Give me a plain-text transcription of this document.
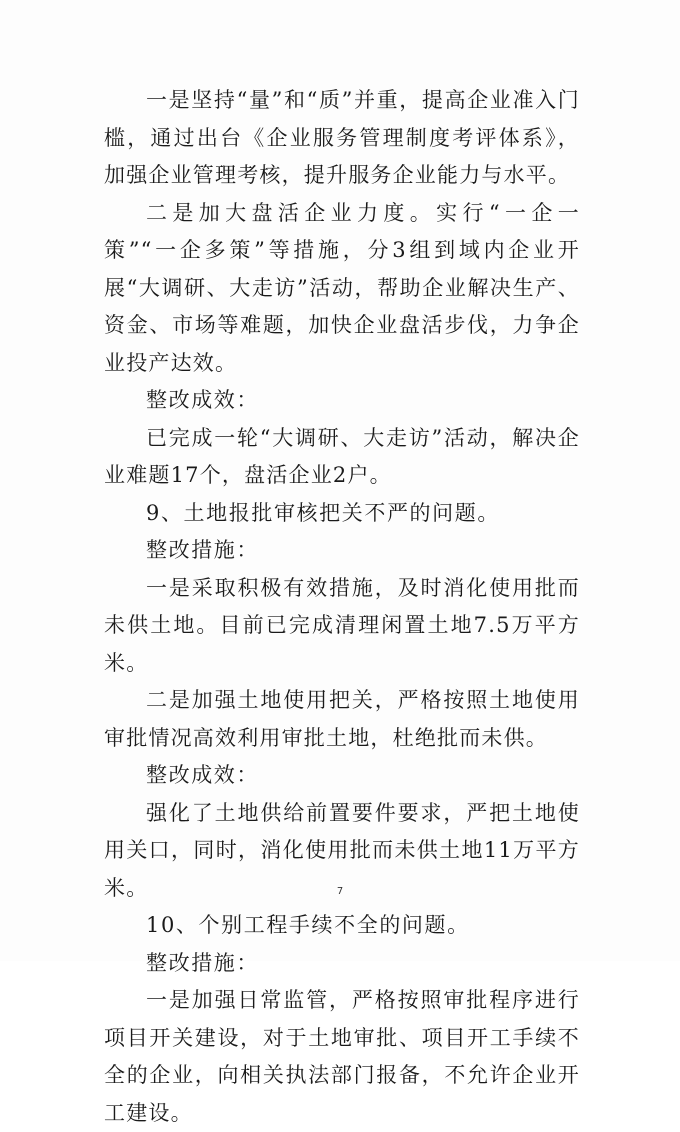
一是坚持“量”和“质”并重，提高企业准入门槛，通过出台《企业服务管理制度考评体系》，加强企业管理考核，提升服务企业能力与水平。

二是加大盘活企业力度。实行“一企一策”“一企多策”等措施，分3组到域内企业开展“大调研、大走访”活动，帮助企业解决生产、资金、市场等难题，加快企业盘活步伐，力争企业投产达效。

整改成效：

已完成一轮“大调研、大走访”活动，解决企业难题17个，盘活企业2户。

9、土地报批审核把关不严的问题。

整改措施：

一是采取积极有效措施，及时消化使用批而未供土地。目前已完成清理闲置土地7.5万平方米。

二是加强土地使用把关，严格按照土地使用审批情况高效利用审批土地，杜绝批而未供。

整改成效：

强化了土地供给前置要件要求，严把土地使用关口，同时，消化使用批而未供土地11万平方米。

10、个别工程手续不全的问题。

整改措施：

一是加强日常监管，严格按照审批程序进行项目开关建设，对于土地审批、项目开工手续不全的企业，向相关执法部门报备，不允许企业开工建设。

7
